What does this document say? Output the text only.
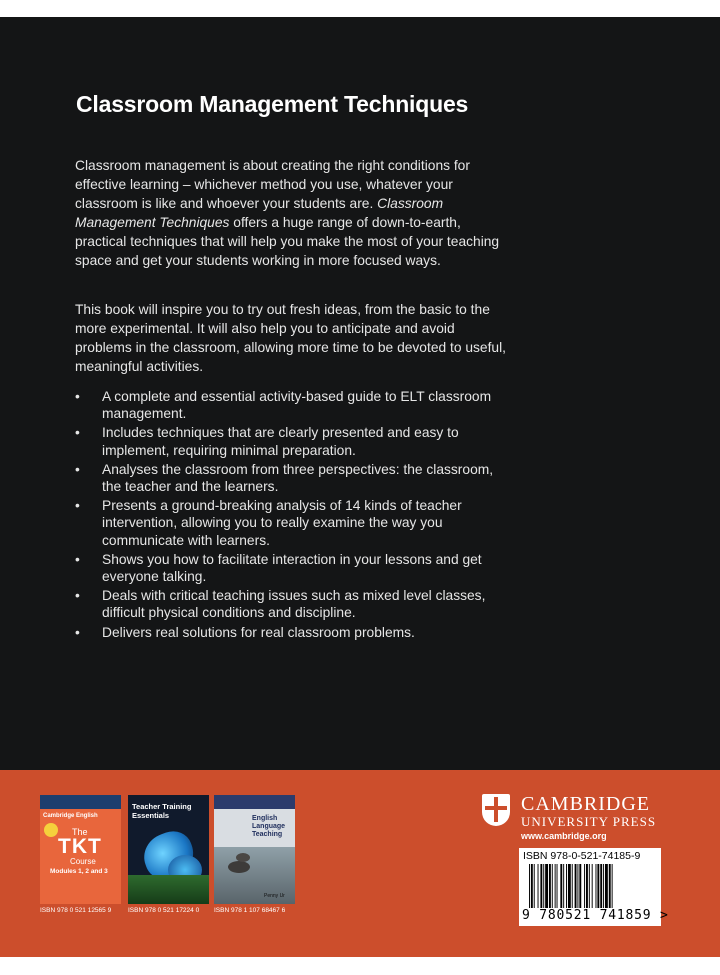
Classroom Management Techniques

Classroom management is about creating the right conditions for effective learning – whichever method you use, whatever your classroom is like and whoever your students are. Classroom Management Techniques offers a huge range of down-to-earth, practical techniques that will help you make the most of your teaching space and get your students working in more focused ways.

This book will inspire you to try out fresh ideas, from the basic to the more experimental. It will also help you to anticipate and avoid problems in the classroom, allowing more time to be devoted to useful, meaningful activities.

• A complete and essential activity-based guide to ELT classroom management.
• Includes techniques that are clearly presented and easy to implement, requiring minimal preparation.
• Analyses the classroom from three perspectives: the classroom, the teacher and the learners.
• Presents a ground-breaking analysis of 14 kinds of teacher intervention, allowing you to really examine the way you communicate with learners.
• Shows you how to facilitate interaction in your lessons and get everyone talking.
• Deals with critical teaching issues such as mixed level classes, difficult physical conditions and discipline.
• Delivers real solutions for real classroom problems.
Cambridge English
The
TKT
Course
Modules 1, 2 and 3
ISBN 978 0 521 12565 9
Teacher Training Essentials
ISBN 978 0 521 17224 0
English Language Teaching
Penny Ur
ISBN 978 1 107 68467 6
CAMBRIDGE
UNIVERSITY PRESS
www.cambridge.org
ISBN 978-0-521-74185-9
9 780521 741859 >
